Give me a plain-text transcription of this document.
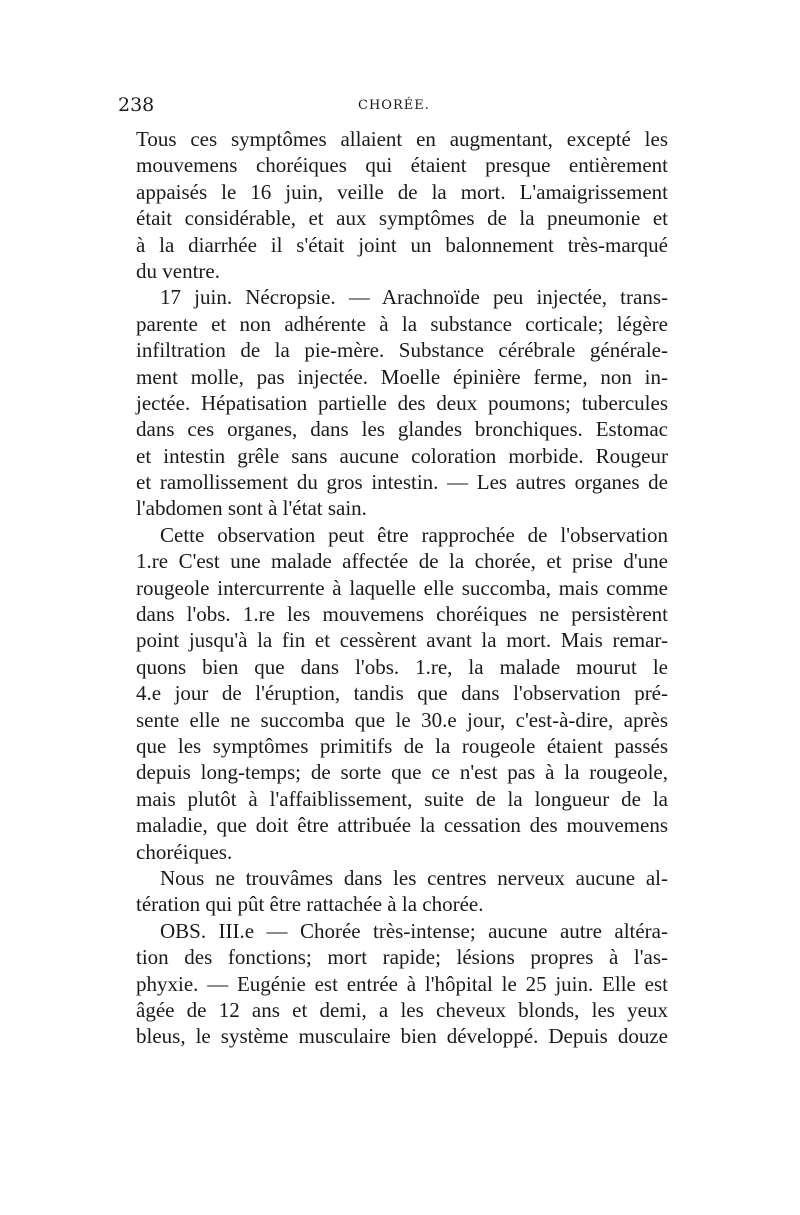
238	CHORÉE.
Tous ces symptômes allaient en augmentant, excepté les
mouvemens choréiques qui étaient presque entièrement
appaisés le 16 juin, veille de la mort. L'amaigrissement
était considérable, et aux symptômes de la pneumonie et
à la diarrhée il s'était joint un balonnement très-marqué
du ventre.
17 juin. Nécropsie. — Arachnoïde peu injectée, trans-
parente et non adhérente à la substance corticale; légère
infiltration de la pie-mère. Substance cérébrale générale-
ment molle, pas injectée. Moelle épinière ferme, non in-
jectée. Hépatisation partielle des deux poumons; tubercules
dans ces organes, dans les glandes bronchiques. Estomac
et intestin grêle sans aucune coloration morbide. Rougeur
et ramollissement du gros intestin. — Les autres organes de
l'abdomen sont à l'état sain.
Cette observation peut être rapprochée de l'observation
1.re C'est une malade affectée de la chorée, et prise d'une
rougeole intercurrente à laquelle elle succomba, mais comme
dans l'obs. 1.re les mouvemens choréiques ne persistèrent
point jusqu'à la fin et cessèrent avant la mort. Mais remar-
quons bien que dans l'obs. 1.re, la malade mourut le
4.e jour de l'éruption, tandis que dans l'observation pré-
sente elle ne succomba que le 30.e jour, c'est-à-dire, après
que les symptômes primitifs de la rougeole étaient passés
depuis long-temps; de sorte que ce n'est pas à la rougeole,
mais plutôt à l'affaiblissement, suite de la longueur de la
maladie, que doit être attribuée la cessation des mouvemens
choréiques.
Nous ne trouvâmes dans les centres nerveux aucune al-
tération qui pût être rattachée à la chorée.
OBS. III.e — Chorée très-intense; aucune autre altéra-
tion des fonctions; mort rapide; lésions propres à l'as-
phyxie. — Eugénie est entrée à l'hôpital le 25 juin. Elle est
âgée de 12 ans et demi, a les cheveux blonds, les yeux
bleus, le système musculaire bien développé. Depuis douze
